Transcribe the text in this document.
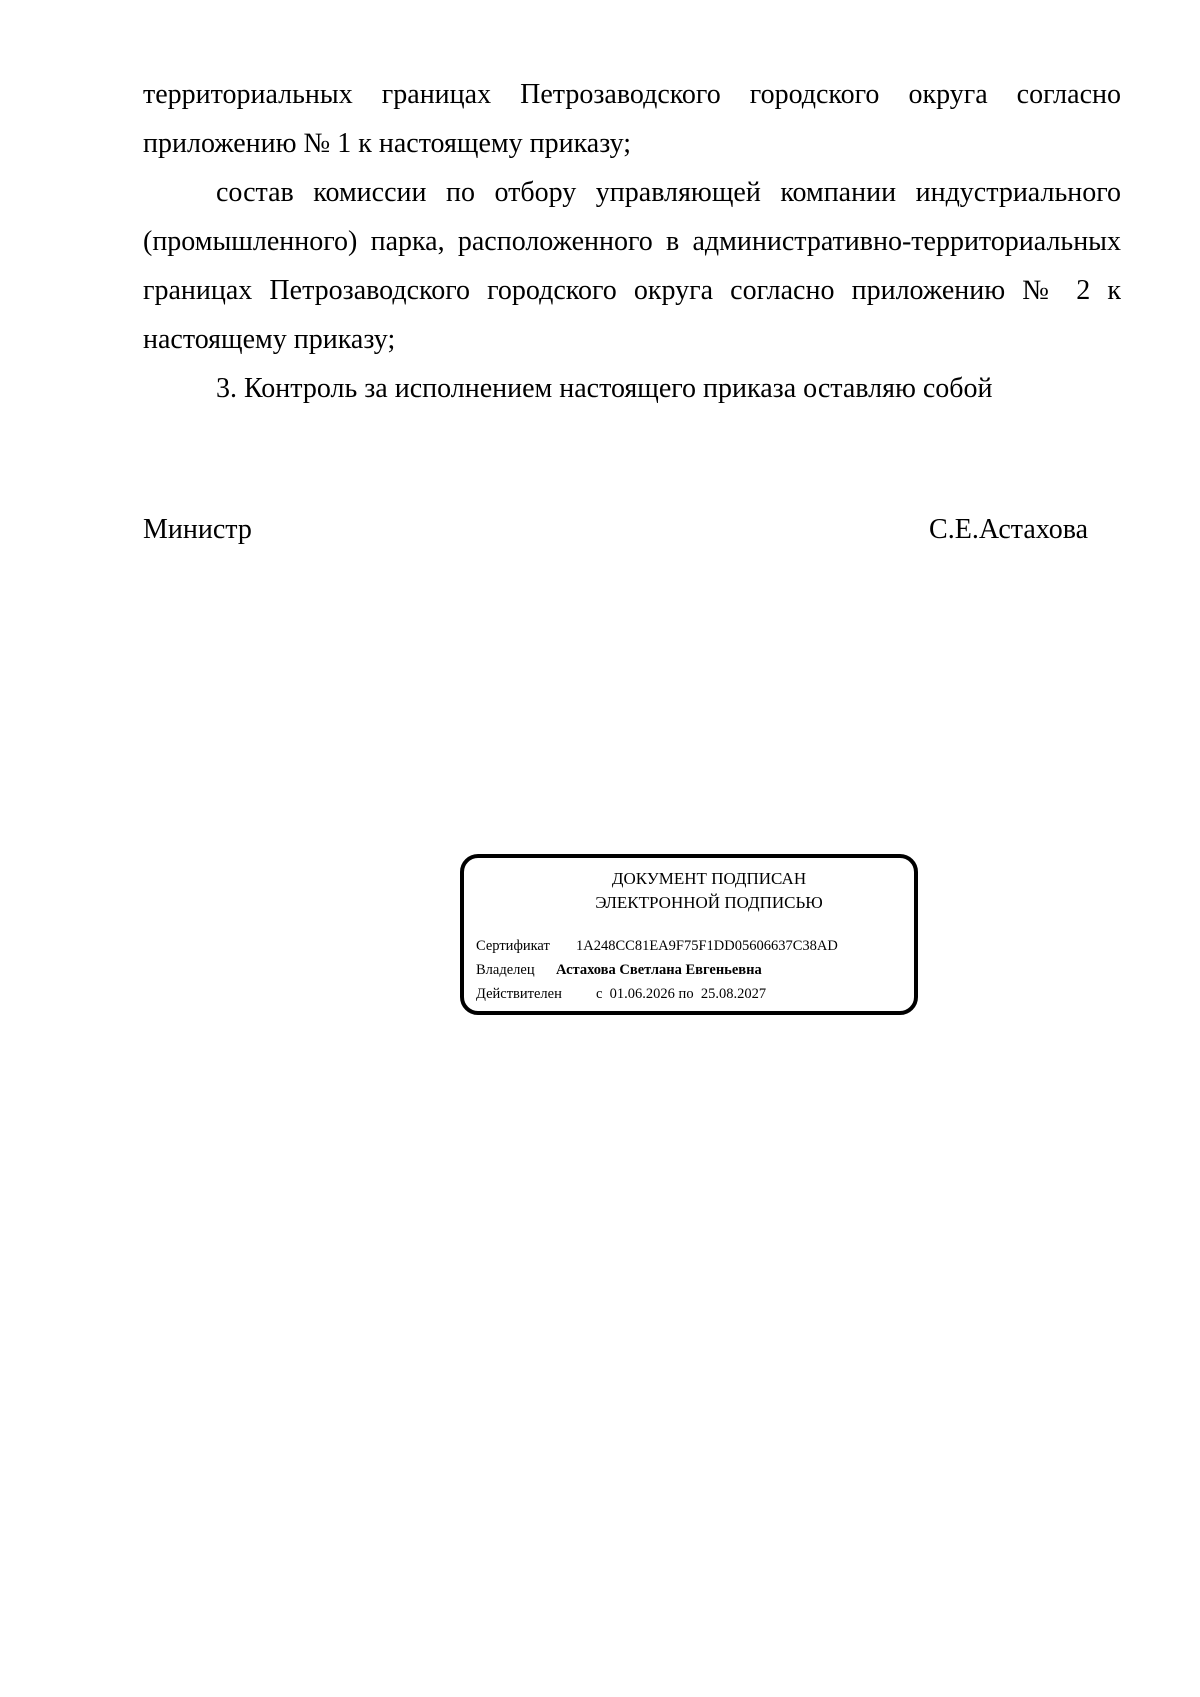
территориальных границах Петрозаводского городского округа согласно приложению № 1 к настоящему приказу;

состав комиссии по отбору управляющей компании индустриального (промышленного) парка, расположенного в административно-территориальных границах Петрозаводского городского округа согласно приложению № 2 к настоящему приказу;

3. Контроль за исполнением настоящего приказа оставляю собой

Министр	С.Е.Астахова
ДОКУМЕНТ ПОДПИСАН
ЭЛЕКТРОННОЙ ПОДПИСЬЮ
Сертификат	1A248CC81EA9F75F1DD05606637C38AD
Владелец	Астахова Светлана Евгеньевна
Действителен	с  01.06.2026 по  25.08.2027
